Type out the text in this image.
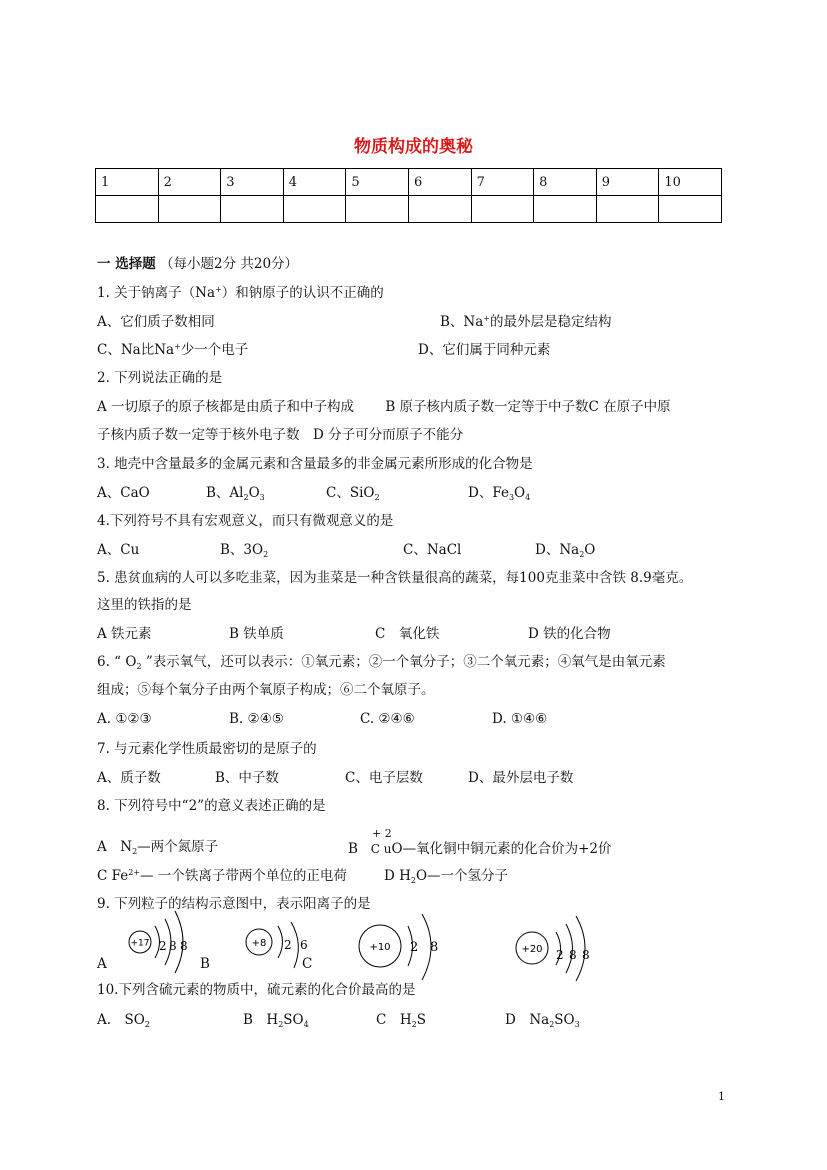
物质构成的奥秘
1	2	3	4	5	6	7	8	9	10

一 选择题 （每小题2分 共20分）
1. 关于钠离子（Na+）和钠原子的认识不正确的
A、它们质子数相同	B、Na+的最外层是稳定结构
C、Na比Na+少一个电子	D、它们属于同种元素
2. 下列说法正确的是
A 一切原子的原子核都是由质子和中子构成　　 B 原子核内质子数一定等于中子数C 在原子中原
子核内质子数一定等于核外电子数　D 分子可分而原子不能分
3. 地壳中含量最多的金属元素和含量最多的非金属元素所形成的化合物是
A、CaO	B、$Al_2O_3$	C、SiO$_2$	D、$Fe_3O_4$
4.下列符号不具有宏观意义，而只有微观意义的是
A、Cu	B、$3O_2$	C、NaCl	D、$Na_2O$
5. 患贫血病的人可以多吃韭菜，因为韭菜是一种含铁量很高的蔬菜，每100克韭菜中含铁 8.9毫克。
这里的铁指的是
A 铁元素	B 铁单质	C　氧化铁	D 铁的化合物
6. “ $O_2$ ”表示氧气，还可以表示：①氧元素；②一个氧分子；③二个氧元素；④氧气是由氧元素
组成；⑤每个氧分子由两个氧原子构成；⑥二个氧原子。
A. ①②③	B. ②④⑤	C. ②④⑥	D. ①④⑥
7. 与元素化学性质最密切的是原子的
A、质子数	B、中子数	C、电子层数	D、最外层电子数
8. 下列符号中“2”的意义表述正确的是
A　$N_2—$两个氮原子
+ 2
B C uO—氧化铜中铜元素的化合价为+2价
C $Fe^{2+}—$ 一个铁离子带两个单位的正电荷	D $H_2O—$一个氢分子
9. 下列粒子的结构示意图中，表示阳离子的是
+17 2 8 8	+8 2 6	+10 2 8	+20 2 8 8
A	B	C
10.下列含硫元素的物质中，硫元素的化合价最高的是
A.　$SO_2$	B　$H_2SO_4$	C　$H_2S$	D　$Na_2SO_3$
1
